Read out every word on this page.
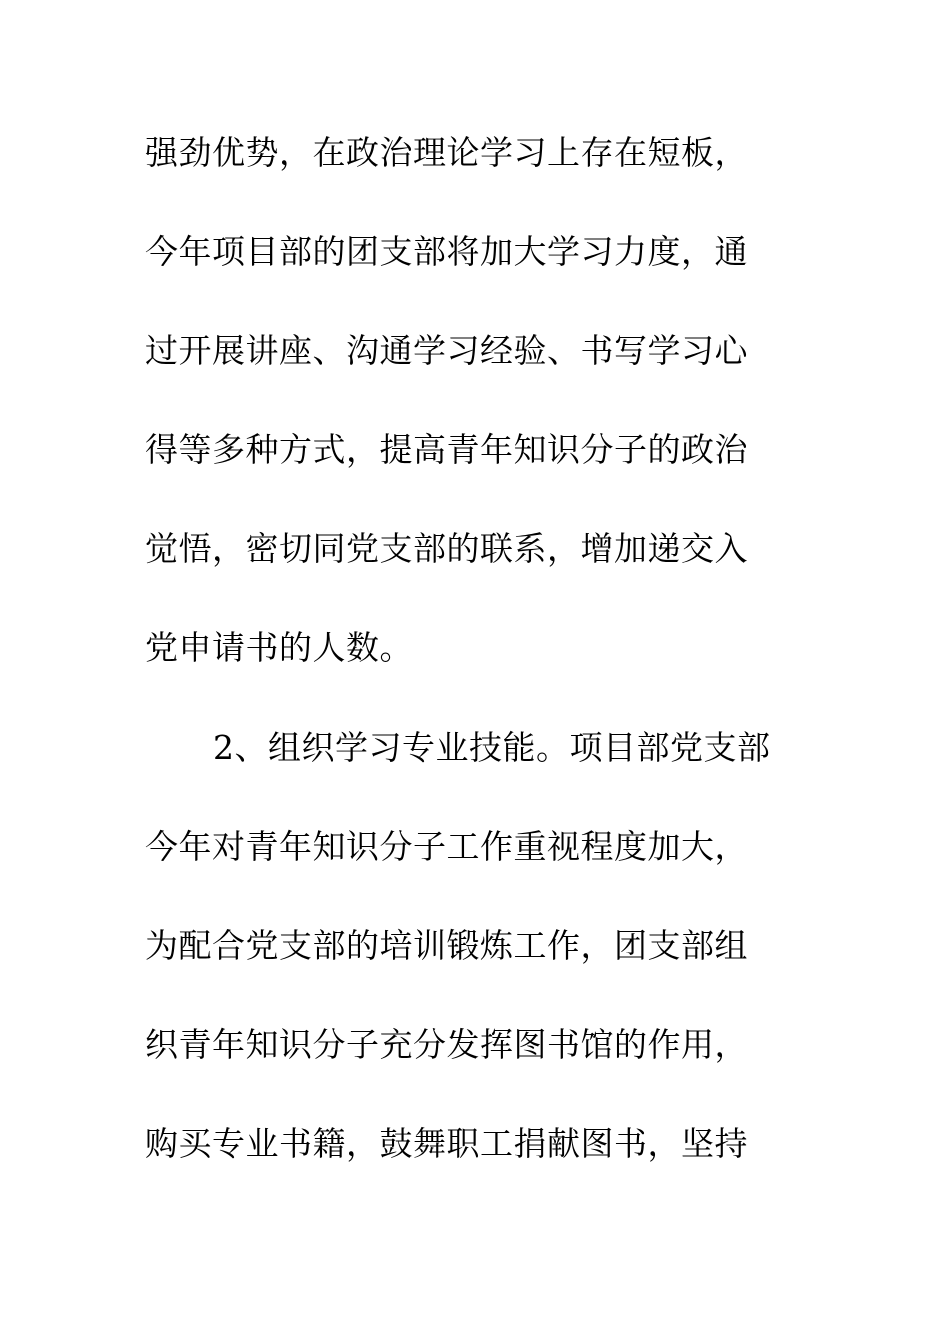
强劲优势，在政治理论学习上存在短板，
今年项目部的团支部将加大学习力度，通
过开展讲座、沟通学习经验、书写学习心
得等多种方式，提高青年知识分子的政治
觉悟，密切同党支部的联系，增加递交入
党申请书的人数。
2、组织学习专业技能。项目部党支部
今年对青年知识分子工作重视程度加大，
为配合党支部的培训锻炼工作，团支部组
织青年知识分子充分发挥图书馆的作用，
购买专业书籍，鼓舞职工捐献图书，坚持
